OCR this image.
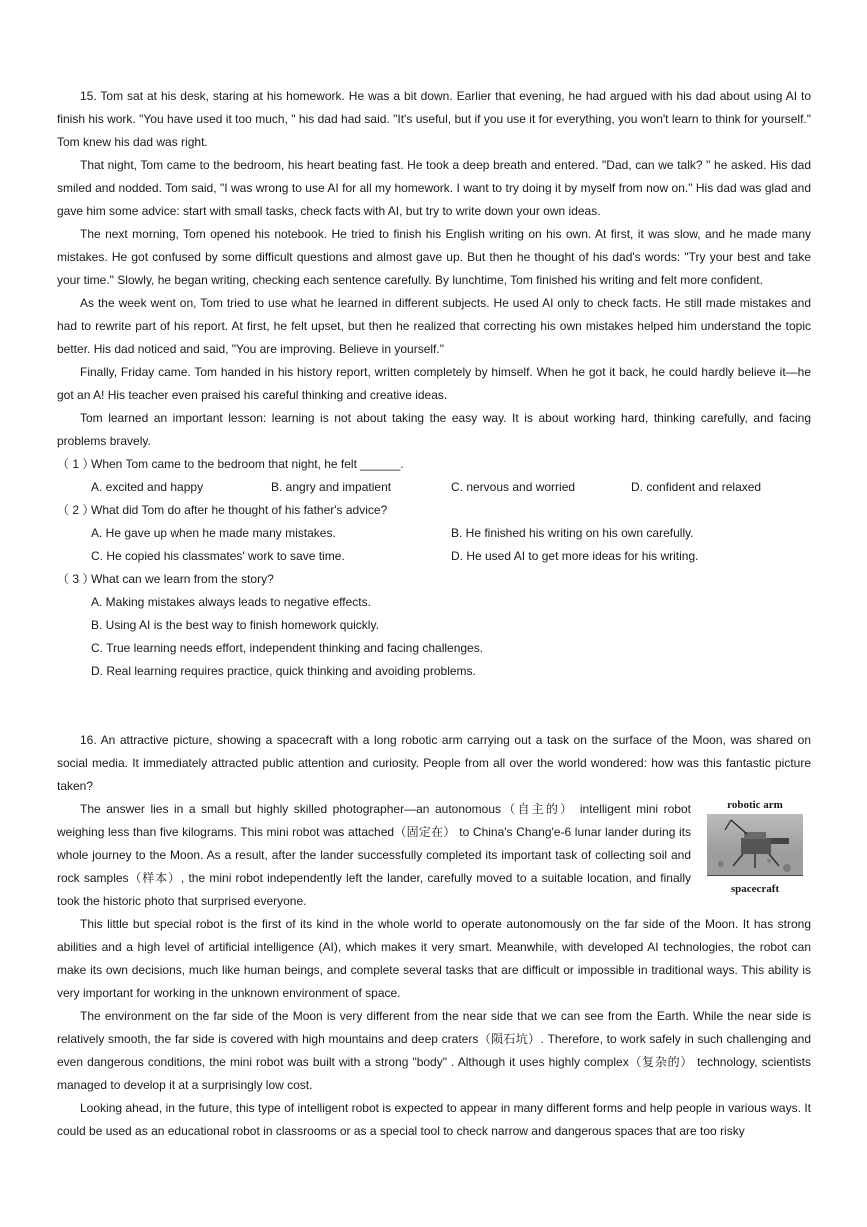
15. Tom sat at his desk, staring at his homework. He was a bit down. Earlier that evening, he had argued with his dad about using AI to finish his work. "You have used it too much, " his dad had said. "It's useful, but if you use it for everything, you won't learn to think for yourself." Tom knew his dad was right.

That night, Tom came to the bedroom, his heart beating fast. He took a deep breath and entered. "Dad, can we talk? " he asked. His dad smiled and nodded. Tom said, "I was wrong to use AI for all my homework. I want to try doing it by myself from now on." His dad was glad and gave him some advice: start with small tasks, check facts with AI, but try to write down your own ideas.

The next morning, Tom opened his notebook. He tried to finish his English writing on his own. At first, it was slow, and he made many mistakes. He got confused by some difficult questions and almost gave up. But then he thought of his dad's words: "Try your best and take your time." Slowly, he began writing, checking each sentence carefully. By lunchtime, Tom finished his writing and felt more confident.

As the week went on, Tom tried to use what he learned in different subjects. He used AI only to check facts. He still made mistakes and had to rewrite part of his report. At first, he felt upset, but then he realized that correcting his own mistakes helped him understand the topic better. His dad noticed and said, "You are improving. Believe in yourself."

Finally, Friday came. Tom handed in his history report, written completely by himself. When he got it back, he could hardly believe it—he got an A! His teacher even praised his careful thinking and creative ideas.

Tom learned an important lesson: learning is not about taking the easy way. It is about working hard, thinking carefully, and facing problems bravely.

（ 1 ）When Tom came to the bedroom that night, he felt ______.
A. excited and happy	B. angry and impatient	C. nervous and worried	D. confident and relaxed
（ 2 ）What did Tom do after he thought of his father's advice?
A. He gave up when he made many mistakes.	B. He finished his writing on his own carefully.
C. He copied his classmates' work to save time.	D. He used AI to get more ideas for his writing.
（ 3 ）What can we learn from the story?
A. Making mistakes always leads to negative effects.
B. Using AI is the best way to finish homework quickly.
C. True learning needs effort, independent thinking and facing challenges.
D. Real learning requires practice, quick thinking and avoiding problems.

16. An attractive picture, showing a spacecraft with a long robotic arm carrying out a task on the surface of the Moon, was shared on social media. It immediately attracted public attention and curiosity. People from all over the world wondered: how was this fantastic picture taken?

robotic arm
spacecraft

The answer lies in a small but highly skilled photographer—an autonomous（自主的） intelligent mini robot weighing less than five kilograms. This mini robot was attached（固定在） to China's Chang'e-6 lunar lander during its whole journey to the Moon. As a result, after the lander successfully completed its important task of collecting soil and rock samples（样本）, the mini robot independently left the lander, carefully moved to a suitable location, and finally took the historic photo that surprised everyone.

This little but special robot is the first of its kind in the whole world to operate autonomously on the far side of the Moon. It has strong abilities and a high level of artificial intelligence (AI), which makes it very smart. Meanwhile, with developed AI technologies, the robot can make its own decisions, much like human beings, and complete several tasks that are difficult or impossible in traditional ways. This ability is very important for working in the unknown environment of space.

The environment on the far side of the Moon is very different from the near side that we can see from the Earth. While the near side is relatively smooth, the far side is covered with high mountains and deep craters（陨石坑）. Therefore, to work safely in such challenging and even dangerous conditions, the mini robot was built with a strong "body" . Although it uses highly complex（复杂的） technology, scientists managed to develop it at a surprisingly low cost.

Looking ahead, in the future, this type of intelligent robot is expected to appear in many different forms and help people in various ways. It could be used as an educational robot in classrooms or as a special tool to check narrow and dangerous spaces that are too risky
